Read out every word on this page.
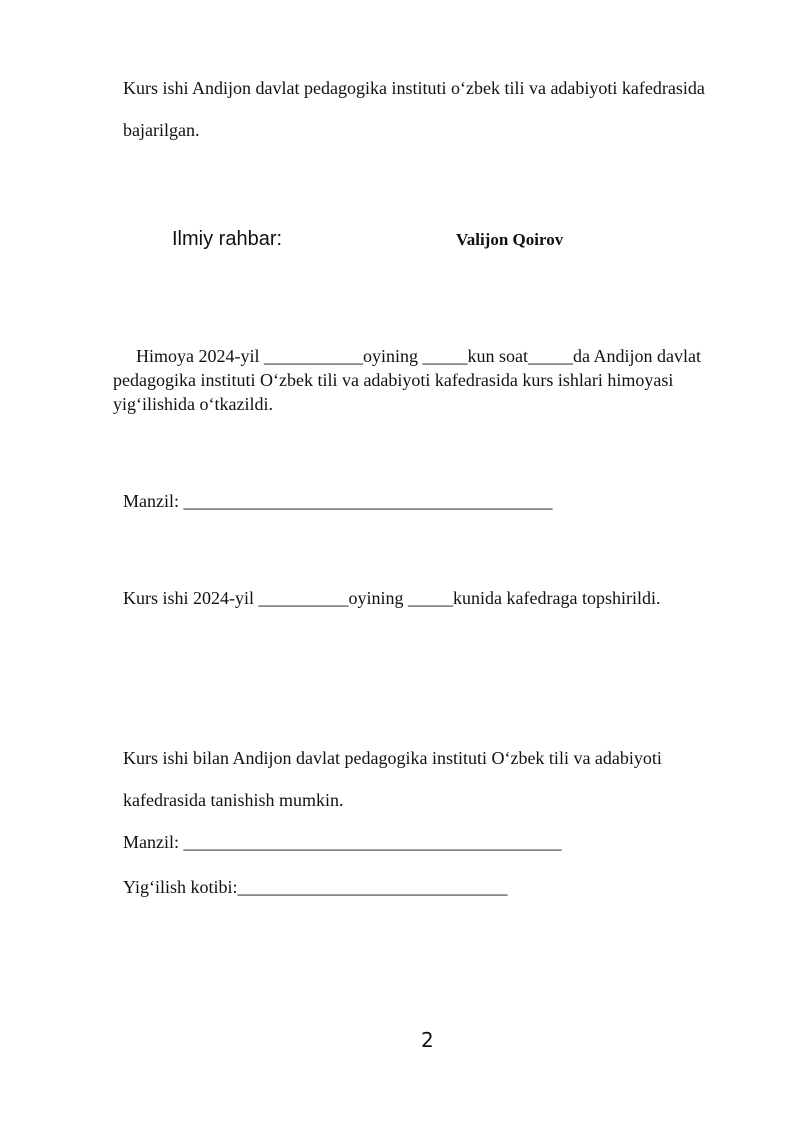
Kurs ishi Andijon davlat pedagogika instituti o‘zbek tili va adabiyoti kafedrasida
bajarilgan.
Ilmiy rahbar:	Valijon Qoirov
Himoya 2024-yil ___________oyining _____kun soat_____da Andijon davlat
pedagogika instituti O‘zbek tili va adabiyoti kafedrasida kurs ishlari himoyasi
yig‘ilishida o‘tkazildi.
Manzil: _________________________________________
Kurs ishi 2024-yil __________oyining _____kunida kafedraga topshirildi.
Kurs ishi bilan Andijon davlat pedagogika instituti O‘zbek tili va adabiyoti
kafedrasida tanishish mumkin.
Manzil: __________________________________________
Yig‘ilish kotibi:______________________________
2
